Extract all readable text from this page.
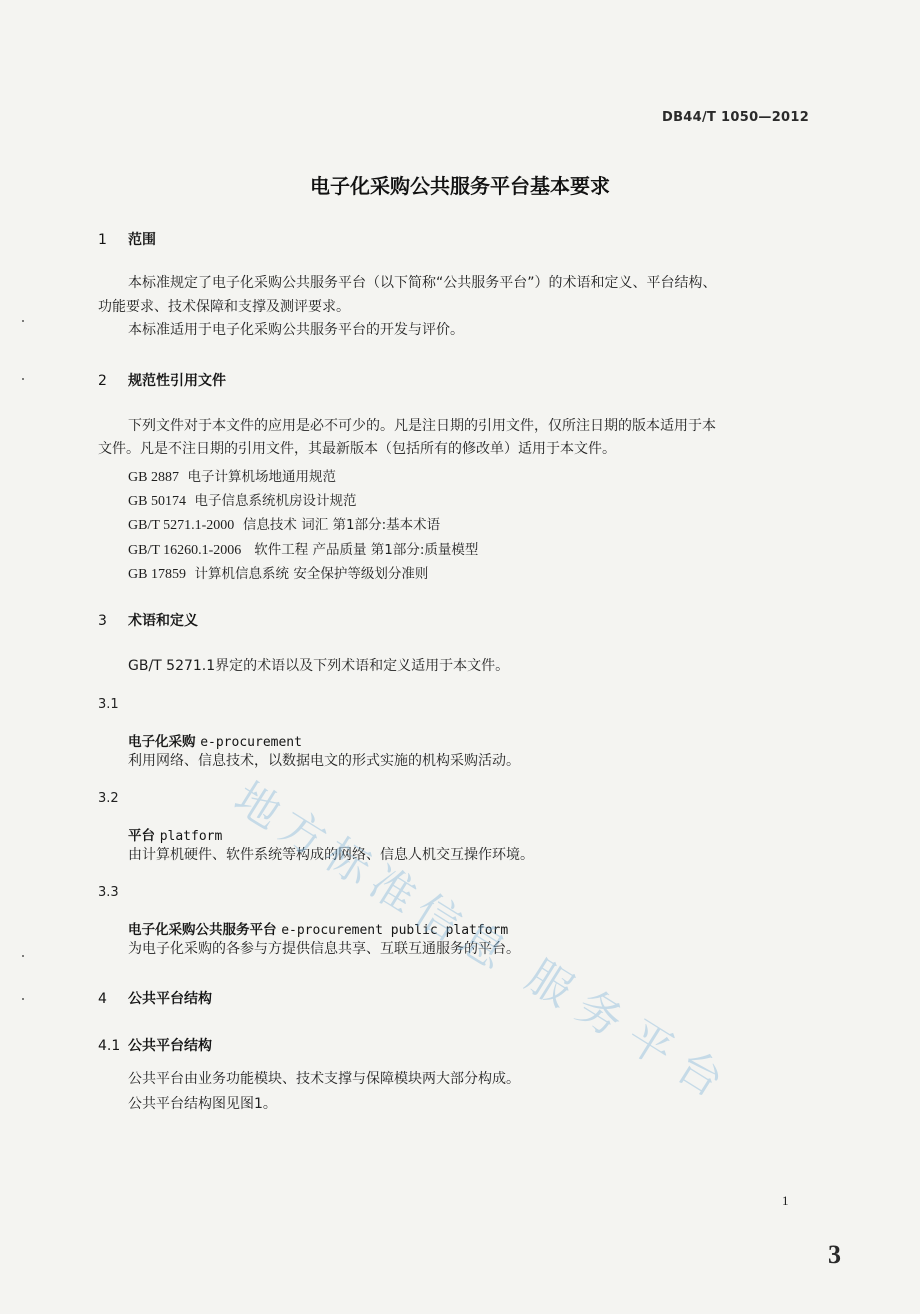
DB44/T 1050—2012
电子化采购公共服务平台基本要求
1 范围
本标准规定了电子化采购公共服务平台（以下简称“公共服务平台”）的术语和定义、平台结构、
功能要求、技术保障和支撑及测评要求。
本标准适用于电子化采购公共服务平台的开发与评价。
2 规范性引用文件
下列文件对于本文件的应用是必不可少的。凡是注日期的引用文件，仅所注日期的版本适用于本
文件。凡是不注日期的引用文件，其最新版本（包括所有的修改单）适用于本文件。
GB 2887 电子计算机场地通用规范
GB 50174 电子信息系统机房设计规范
GB/T 5271.1-2000 信息技术 词汇 第1部分:基本术语
GB/T 16260.1-2006   软件工程 产品质量 第1部分:质量模型
GB 17859 计算机信息系统 安全保护等级划分准则
3 术语和定义
GB/T 5271.1界定的术语以及下列术语和定义适用于本文件。
3.1
电子化采购 e-procurement
利用网络、信息技术，以数据电文的形式实施的机构采购活动。
3.2
平台 platform
由计算机硬件、软件系统等构成的网络、信息人机交互操作环境。
3.3
电子化采购公共服务平台 e-procurement public platform
为电子化采购的各参与方提供信息共享、互联互通服务的平台。
4 公共平台结构
4.1 公共平台结构
公共平台由业务功能模块、技术支撑与保障模块两大部分构成。
公共平台结构图见图1。
地
方
标
准
信
息
服
务
平
台
1
3
